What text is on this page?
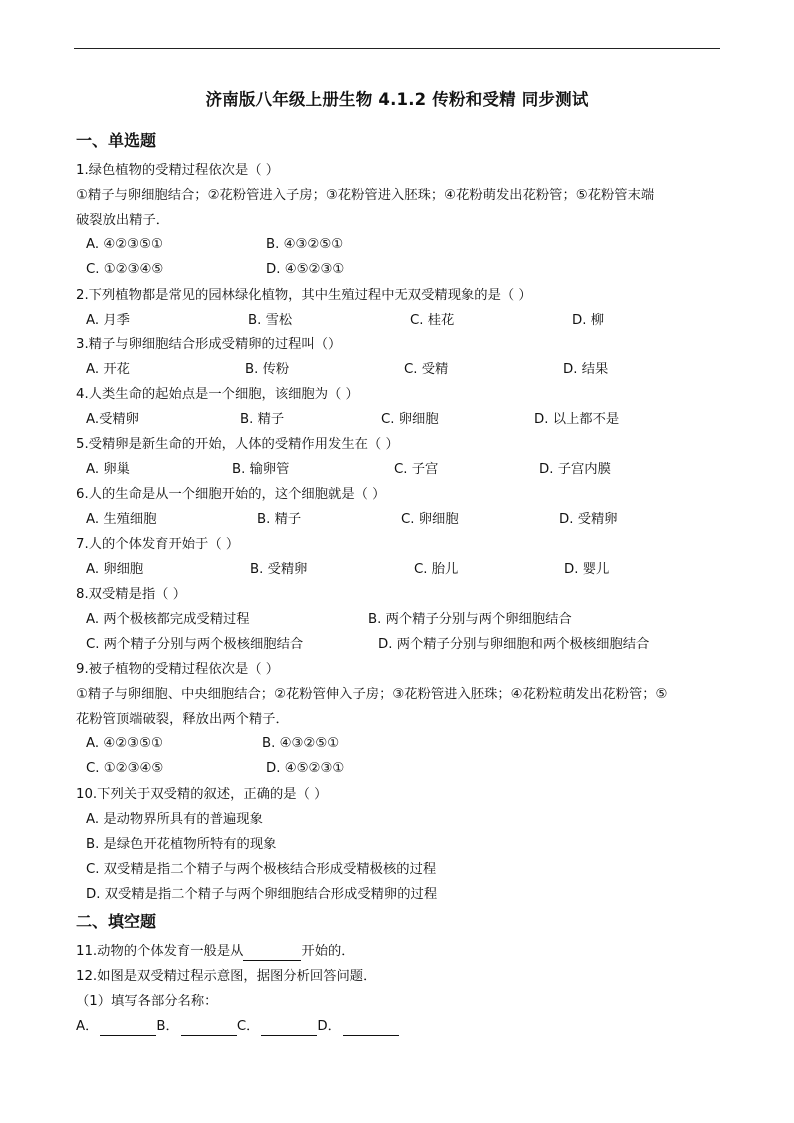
济南版八年级上册生物 4.1.2 传粉和受精 同步测试
一、单选题
1.绿色植物的受精过程依次是（ ）
①精子与卵细胞结合；②花粉管进入子房；③花粉管进入胚珠；④花粉萌发出花粉管；⑤花粉管末端
破裂放出精子．
A. ④②③⑤①	B. ④③②⑤①
C. ①②③④⑤	D. ④⑤②③①
2.下列植物都是常见的园林绿化植物，其中生殖过程中无双受精现象的是（ ）
A. 月季	B. 雪松	C. 桂花	D. 柳
3.精子与卵细胞结合形成受精卵的过程叫（）
A. 开花	B. 传粉	C. 受精	D. 结果
4.人类生命的起始点是一个细胞，该细胞为（ ）
A.受精卵	B. 精子	C. 卵细胞	D. 以上都不是
5.受精卵是新生命的开始，人体的受精作用发生在（ ）
A. 卵巢	B. 输卵管	C. 子宫	D. 子宫内膜
6.人的生命是从一个细胞开始的，这个细胞就是（ ）
A. 生殖细胞	B. 精子	C. 卵细胞	D. 受精卵
7.人的个体发育开始于（ ）
A. 卵细胞	B. 受精卵	C. 胎儿	D. 婴儿
8.双受精是指（ ）
A. 两个极核都完成受精过程	B. 两个精子分别与两个卵细胞结合
C. 两个精子分别与两个极核细胞结合	D. 两个精子分别与卵细胞和两个极核细胞结合
9.被子植物的受精过程依次是（ ）
①精子与卵细胞、中央细胞结合；②花粉管伸入子房；③花粉管进入胚珠；④花粉粒萌发出花粉管；⑤
花粉管顶端破裂，释放出两个精子．
A. ④②③⑤①	B. ④③②⑤①
C. ①②③④⑤	D. ④⑤②③①
10.下列关于双受精的叙述，正确的是（ ）
A. 是动物界所具有的普遍现象
B. 是绿色开花植物所特有的现象
C. 双受精是指二个精子与两个极核结合形成受精极核的过程
D. 双受精是指二个精子与两个卵细胞结合形成受精卵的过程
二、填空题
11.动物的个体发育一般是从	开始的．
12.如图是双受精过程示意图，据图分析回答问题．
（1）填写各部分名称：
A．	B．	C．	D．
